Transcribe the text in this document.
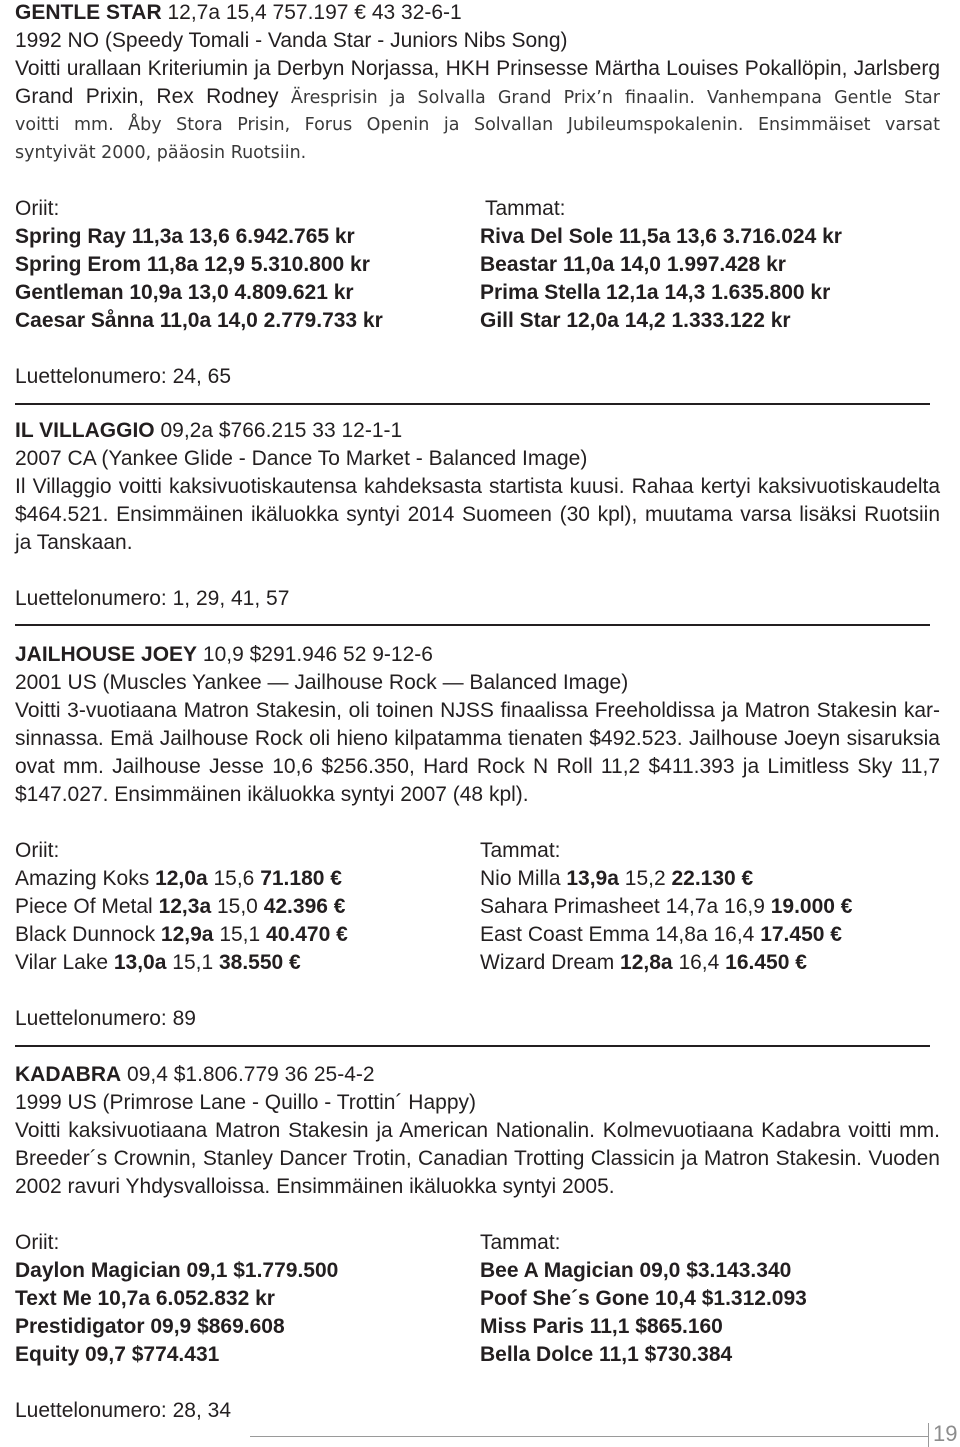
GENTLE STAR 12,7a 15,4 757.197 € 43 32-6-1
1992 NO (Speedy Tomali - Vanda Star - Juniors Nibs Song)
Voitti urallaan Kriteriumin ja Derbyn Norjassa, HKH Prinsesse Märtha Louises Pokallöpin, Jarlsberg
Grand Prixin, Rex Rodney Äresprisin ja Solvalla Grand Prix’n finaalin. Vanhempana Gentle Star
voitti mm. Åby Stora Prisin, Forus Openin ja Solvallan Jubileumspokalenin. Ensimmäiset varsat
syntyivät 2000, pääosin Ruotsiin.
Oriit:
Spring Ray 11,3a 13,6 6.942.765 kr
Spring Erom 11,8a 12,9 5.310.800 kr
Gentleman 10,9a 13,0 4.809.621 kr
Caesar Sånna 11,0a 14,0 2.779.733 kr
Tammat:
Riva Del Sole 11,5a 13,6 3.716.024 kr
Beastar 11,0a 14,0 1.997.428 kr
Prima Stella 12,1a 14,3 1.635.800 kr
Gill Star 12,0a 14,2 1.333.122 kr
Luettelonumero: 24, 65
IL VILLAGGIO 09,2a $766.215 33 12-1-1
2007 CA (Yankee Glide - Dance To Market - Balanced Image)
Il Villaggio voitti kaksivuotiskautensa kahdeksasta startista kuusi. Rahaa kertyi kaksivuotiskaudelta
$464.521. Ensimmäinen ikäluokka syntyi 2014 Suomeen (30 kpl), muutama varsa lisäksi Ruotsiin
ja Tanskaan.
Luettelonumero: 1, 29, 41, 57
JAILHOUSE JOEY 10,9 $291.946 52 9-12-6
2001 US (Muscles Yankee — Jailhouse Rock — Balanced Image)
Voitti 3-vuotiaana Matron Stakesin, oli toinen NJSS finaalissa Freeholdissa ja Matron Stakesin kar-
sinnassa. Emä Jailhouse Rock oli hieno kilpatamma tienaten $492.523. Jailhouse Joeyn sisaruksia
ovat mm. Jailhouse Jesse 10,6 $256.350, Hard Rock N Roll 11,2 $411.393 ja Limitless Sky 11,7
$147.027. Ensimmäinen ikäluokka syntyi 2007 (48 kpl).
Oriit:
Amazing Koks 12,0a 15,6 71.180 €
Piece Of Metal 12,3a 15,0 42.396 €
Black Dunnock 12,9a 15,1 40.470 €
Vilar Lake 13,0a 15,1 38.550 €
Tammat:
Nio Milla 13,9a 15,2 22.130 €
Sahara Primasheet 14,7a 16,9 19.000 €
East Coast Emma 14,8a 16,4 17.450 €
Wizard Dream 12,8a 16,4 16.450 €
Luettelonumero: 89
KADABRA 09,4 $1.806.779 36 25-4-2
1999 US (Primrose Lane - Quillo - Trottin´ Happy)
Voitti kaksivuotiaana Matron Stakesin ja American Nationalin. Kolmevuotiaana Kadabra voitti mm.
Breeder´s Crownin, Stanley Dancer Trotin, Canadian Trotting Classicin ja Matron Stakesin. Vuoden
2002 ravuri Yhdysvalloissa. Ensimmäinen ikäluokka syntyi 2005.
Oriit:
Daylon Magician 09,1 $1.779.500
Text Me 10,7a 6.052.832 kr
Prestidigator 09,9 $869.608
Equity 09,7 $774.431
Tammat:
Bee A Magician 09,0 $3.143.340
Poof She´s Gone 10,4 $1.312.093
Miss Paris 11,1 $865.160
Bella Dolce 11,1 $730.384
Luettelonumero: 28, 34
19
